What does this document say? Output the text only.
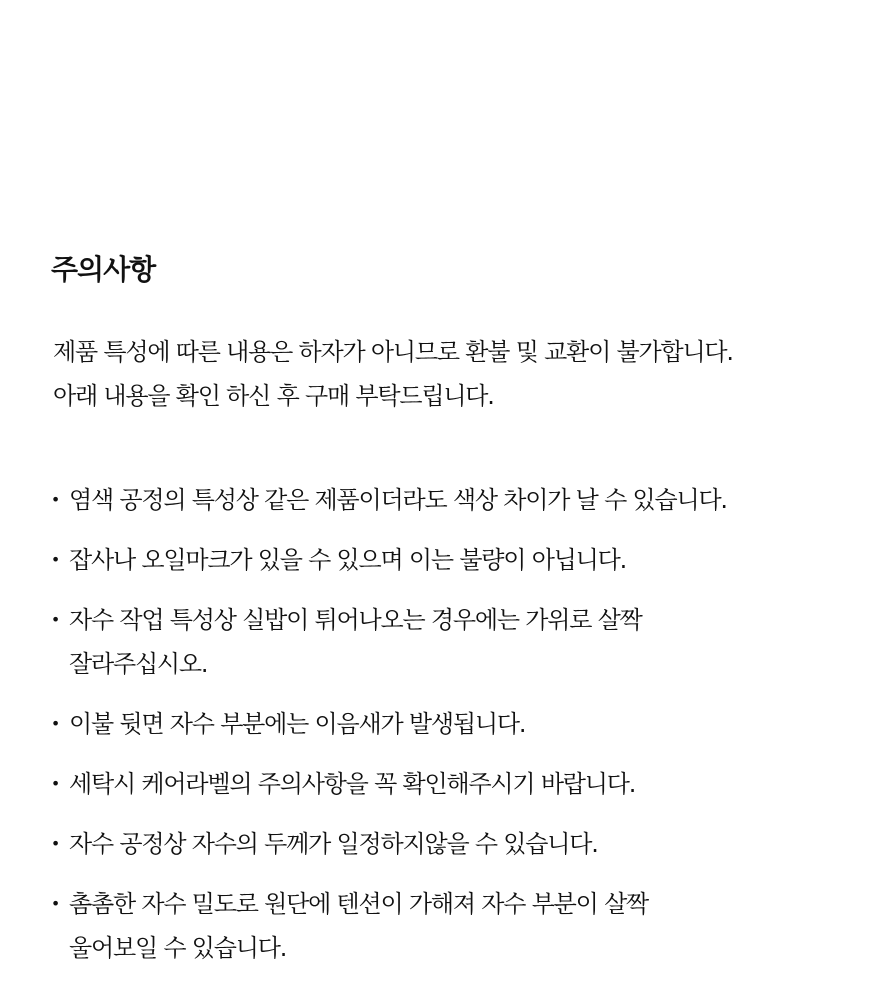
주의사항

제품 특성에 따른 내용은 하자가 아니므로 환불 및 교환이 불가합니다.

아래 내용을 확인 하신 후 구매 부탁드립니다.

• 염색 공정의 특성상 같은 제품이더라도 색상 차이가 날 수 있습니다.
• 잡사나 오일마크가 있을 수 있으며 이는 불량이 아닙니다.
• 자수 작업 특성상 실밥이 튀어나오는 경우에는 가위로 살짝
잘라주십시오.
• 이불 뒷면 자수 부분에는 이음새가 발생됩니다.
• 세탁시 케어라벨의 주의사항을 꼭 확인해주시기 바랍니다.
• 자수 공정상 자수의 두께가 일정하지않을 수 있습니다.
• 촘촘한 자수 밀도로 원단에 텐션이 가해져 자수 부분이 살짝
울어보일 수 있습니다.
